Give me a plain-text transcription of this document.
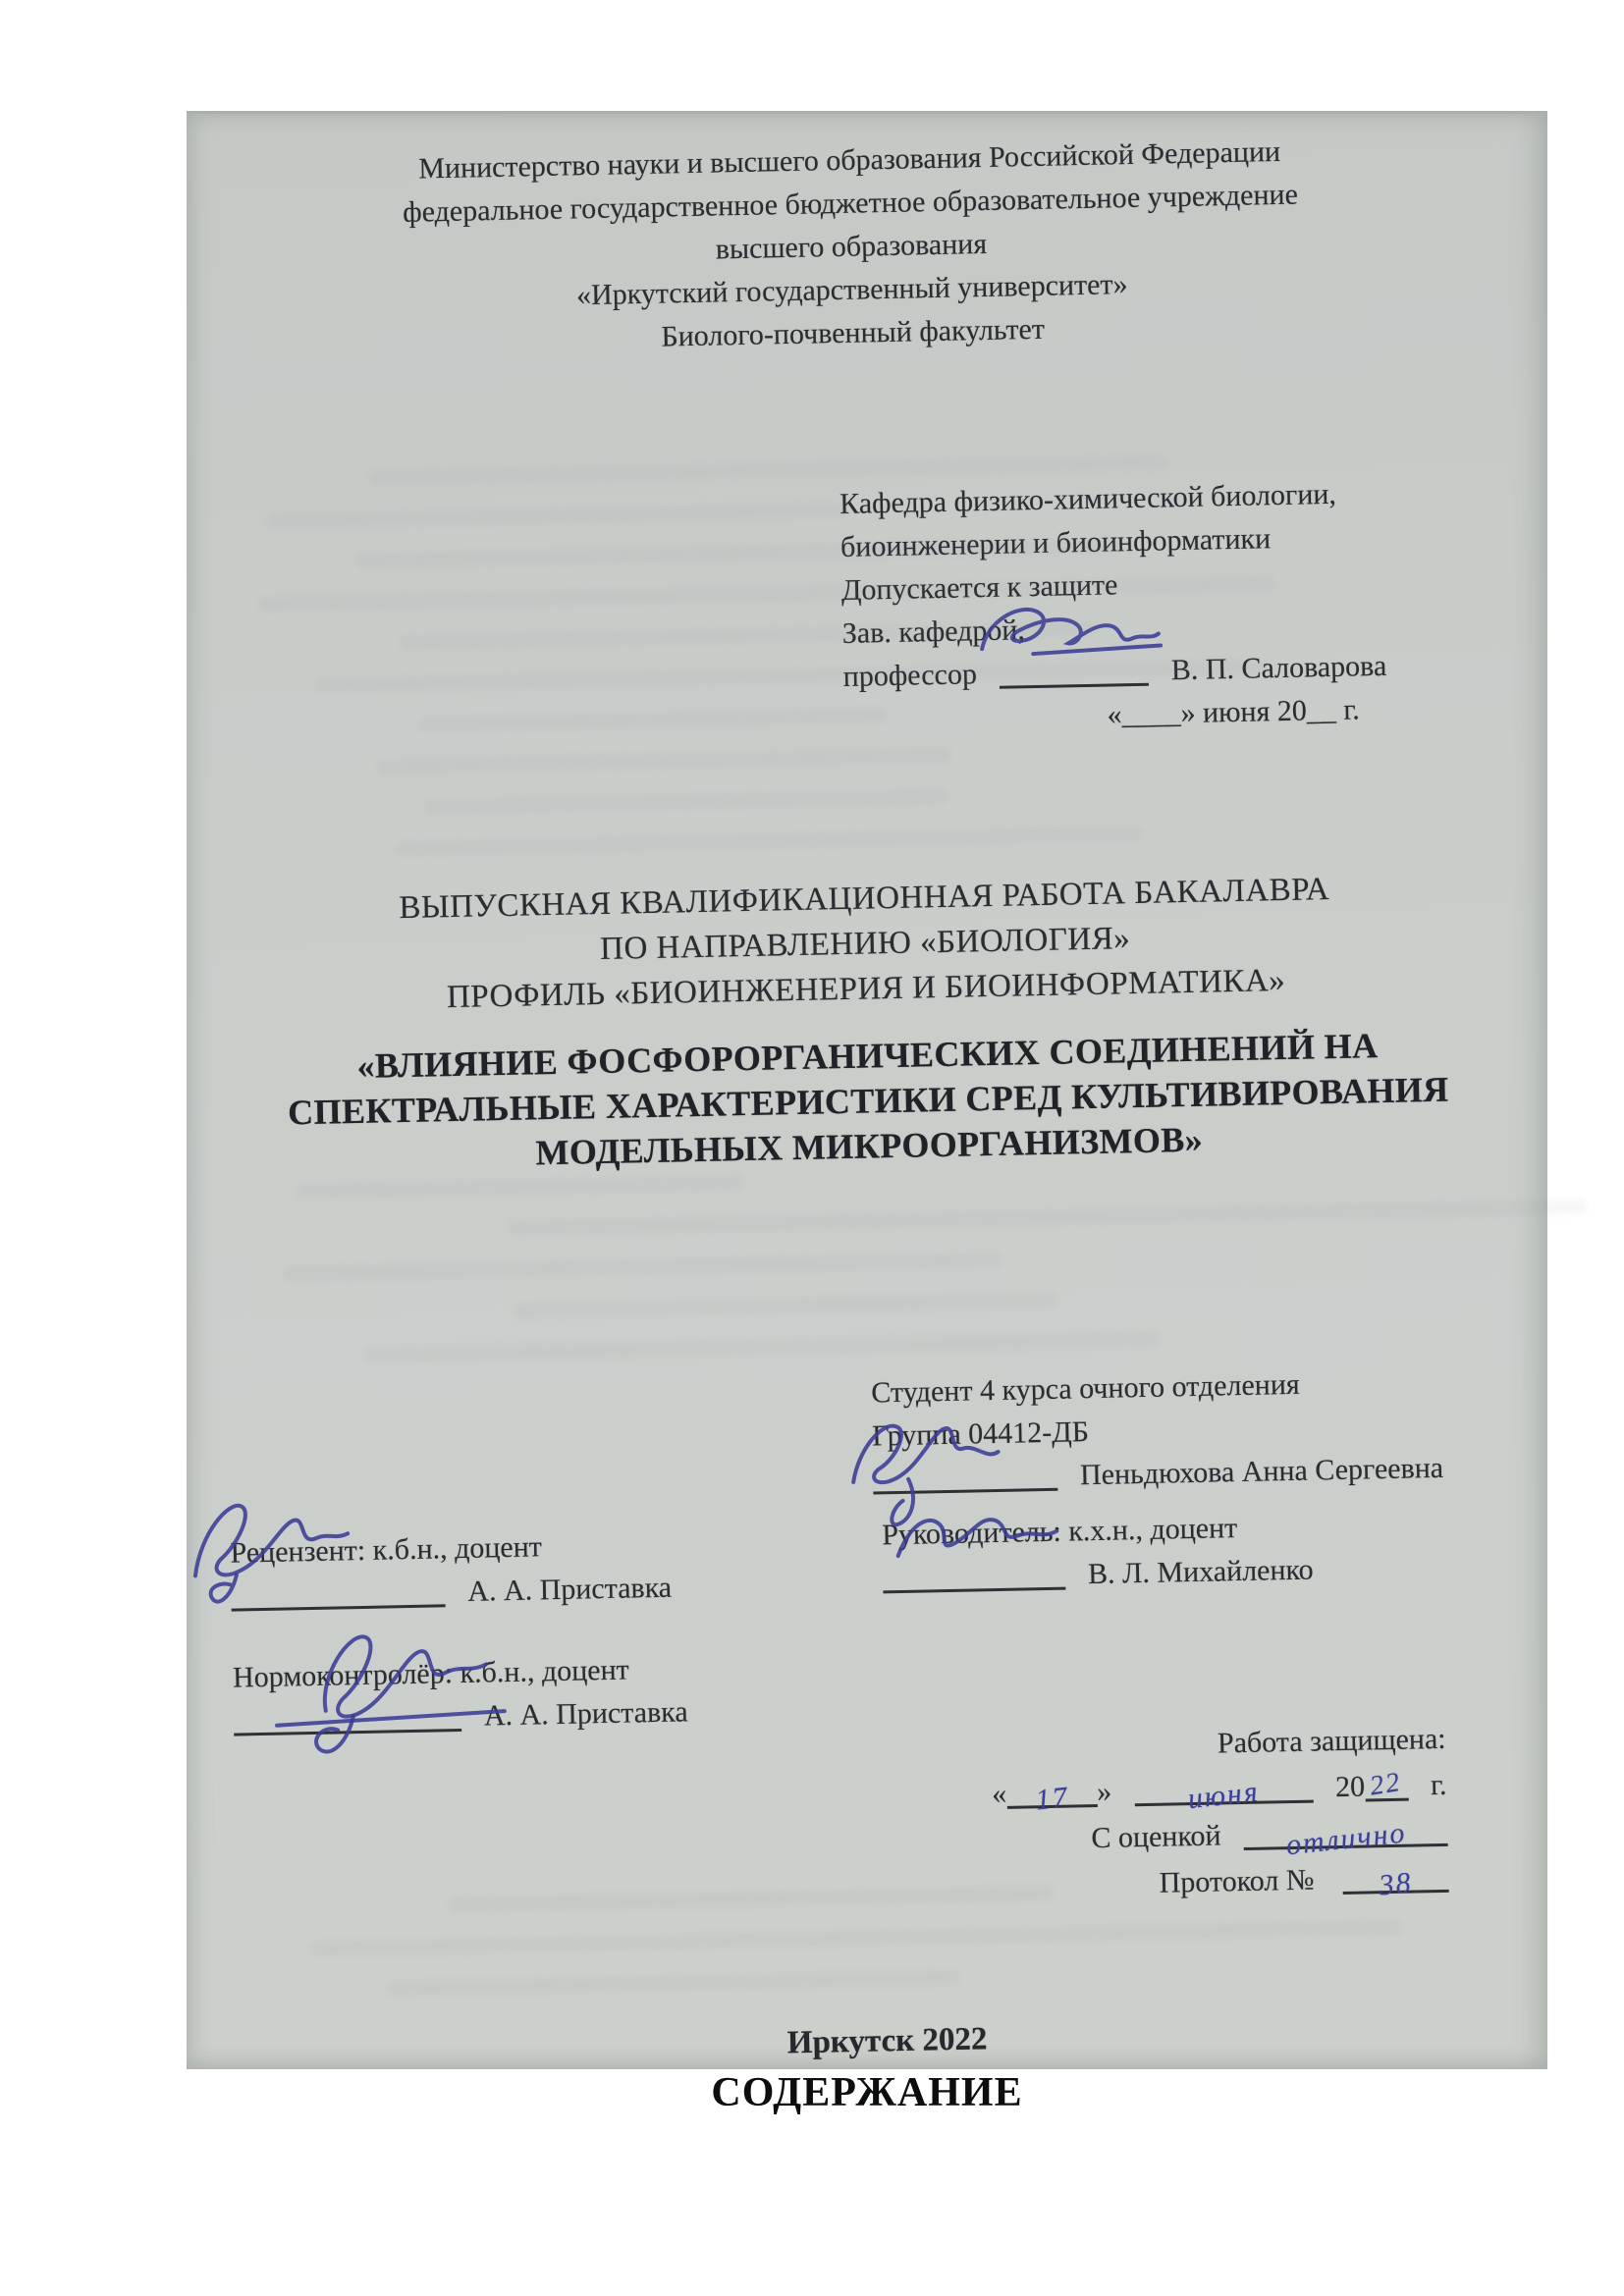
Министерство науки и высшего образования Российской Федерации
федеральное государственное бюджетное образовательное учреждение
высшего образования
«Иркутский государственный университет»
Биолого-почвенный факультет
Кафедра физико-химической биологии,
биоинженерии и биоинформатики
Допускается к защите
Зав. кафедрой,
профессор	В. П. Саловарова
«____» июня 20__ г.
ВЫПУСКНАЯ КВАЛИФИКАЦИОННАЯ РАБОТА БАКАЛАВРА
ПО НАПРАВЛЕНИЮ «БИОЛОГИЯ»
ПРОФИЛЬ «БИОИНЖЕНЕРИЯ И БИОИНФОРМАТИКА»
«ВЛИЯНИЕ ФОСФОРОРГАНИЧЕСКИХ СОЕДИНЕНИЙ НА
СПЕКТРАЛЬНЫЕ ХАРАКТЕРИСТИКИ СРЕД КУЛЬТИВИРОВАНИЯ
МОДЕЛЬНЫХ МИКРООРГАНИЗМОВ»
Студент 4 курса очного отделения
Группа 04412-ДБ
Пеньдюхова Анна Сергеевна
Рецензент: к.б.н., доцент
А. А. Приставка
Руководитель: к.х.н., доцент
В. Л. Михайленко
Нормоконтролёр: к.б.н., доцент
А. А. Приставка
Работа защищена:
« 17 »	июня	2022 г.
С оценкой отлично
Протокол № 38
Иркутск 2022
СОДЕРЖАНИЕ
